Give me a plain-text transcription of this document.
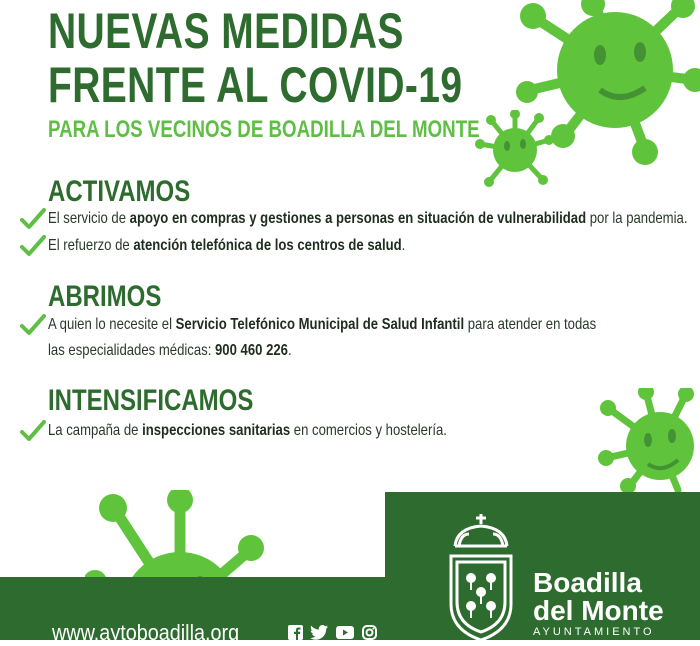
NUEVAS MEDIDAS
FRENTE AL COVID-19
PARA LOS VECINOS DE BOADILLA DEL MONTE
ACTIVAMOS
El servicio de apoyo en compras y gestiones a personas en situación de vulnerabilidad por la pandemia.
El refuerzo de atención telefónica de los centros de salud.
ABRIMOS
A quien lo necesite el Servicio Telefónico Municipal de Salud Infantil para atender en todas
las especialidades médicas: 900 460 226.
INTENSIFICAMOS
La campaña de inspecciones sanitarias en comercios y hostelería.
www.aytoboadilla.org
Boadilla
del Monte
AYUNTAMIENTO
